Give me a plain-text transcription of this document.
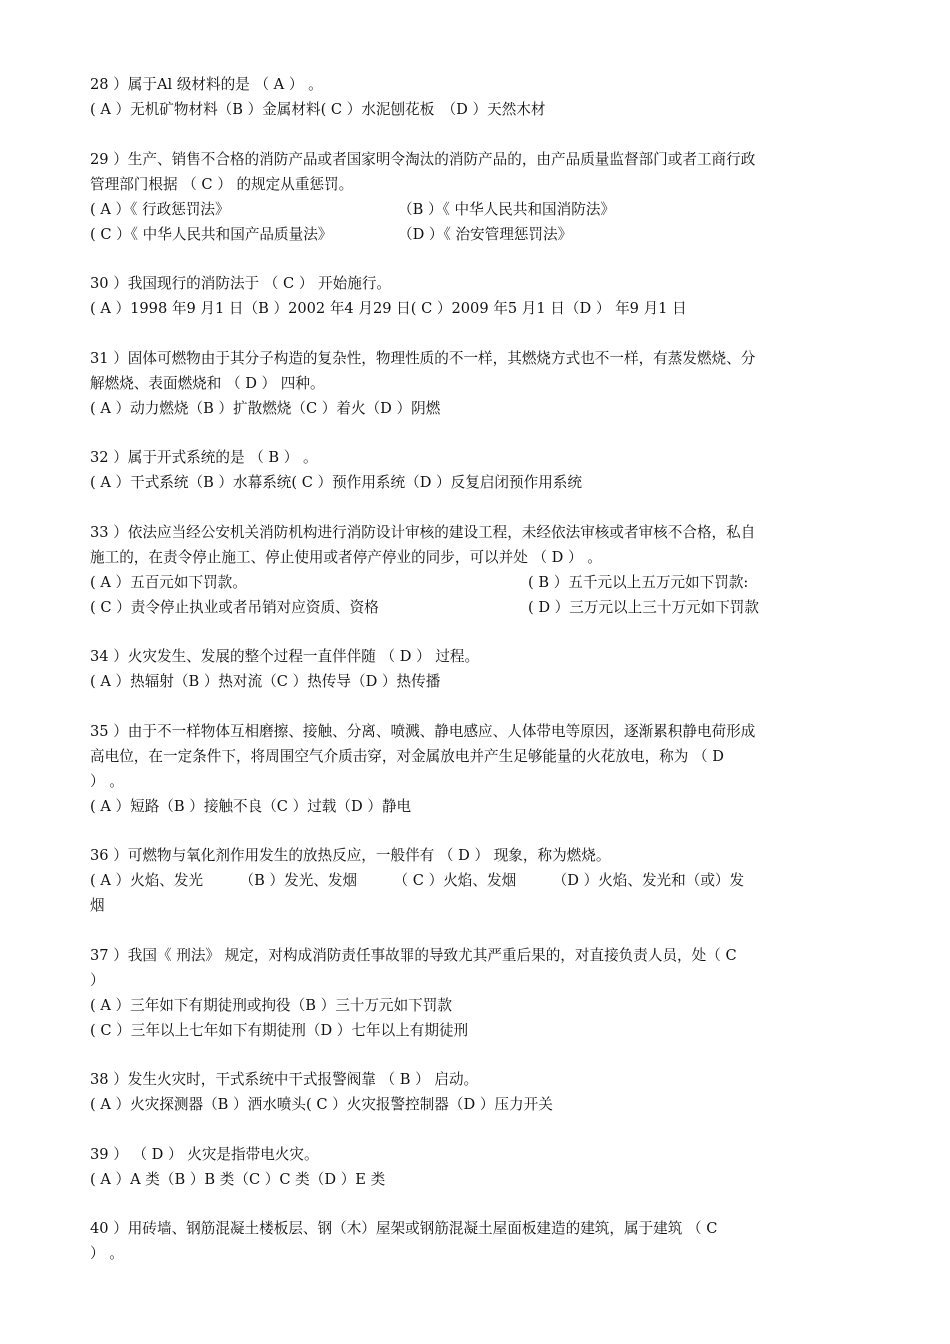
28 ）属于Al 级材料的是 （ A ） 。
( A ）无机矿物材料（B ）金属材料( C ）水泥刨花板　（D ）天然木材
29 ）生产、销售不合格的消防产品或者国家明令淘汰的消防产品的，由产品质量监督部门或者工商行政
管理部门根据 （ C ） 的规定从重惩罚。
( A ）《 行政惩罚法》	（B ）《 中华人民共和国消防法》
( C ）《 中华人民共和国产品质量法》	（D ）《 治安管理惩罚法》
30 ）我国现行的消防法于 （ C ） 开始施行。
( A ）1998 年9 月1 日（B ）2002 年4 月29 日( C ）2009 年5 月1 日（D ） 年9 月1 日
31 ）固体可燃物由于其分子构造的复杂性，物理性质的不一样，其燃烧方式也不一样，有蒸发燃烧、分
解燃烧、表面燃烧和 （ D ） 四种。
( A ）动力燃烧（B ）扩散燃烧（C ）着火（D ）阴燃
32 ）属于开式系统的是 （ B ） 。
( A ）干式系统（B ）水幕系统( C ）预作用系统（D ）反复启闭预作用系统
33 ）依法应当经公安机关消防机构进行消防设计审核的建设工程，未经依法审核或者审核不合格，私自
施工的，在责令停止施工、停止使用或者停产停业的同步，可以并处 （ D ） 。
( A ）五百元如下罚款。	( B ）五千元以上五万元如下罚款:
( C ）责令停止执业或者吊销对应资质、资格	( D ）三万元以上三十万元如下罚款
34 ）火灾发生、发展的整个过程一直伴伴随 （ D ） 过程。
( A ）热辐射（B ）热对流（C ）热传导（D ）热传播
35 ）由于不一样物体互相磨擦、接触、分离、喷溅、静电感应、人体带电等原因，逐渐累积静电荷形成
高电位，在一定条件下，将周围空气介质击穿，对金属放电并产生足够能量的火花放电，称为 （ D
） 。
( A ）短路（B ）接触不良（C ）过载（D ）静电
36 ）可燃物与氧化剂作用发生的放热反应，一般伴有 （ D ） 现象，称为燃烧。
( A ）火焰、发光　　　（B ）发光、发烟　　　（ C ）火焰、发烟　　　（D ）火焰、发光和（或）发
烟
37 ）我国《 刑法》 规定，对构成消防责任事故罪的导致尤其严重后果的，对直接负责人员，处（ C
）
( A ）三年如下有期徒刑或拘役（B ）三十万元如下罚款
( C ）三年以上七年如下有期徒刑（D ）七年以上有期徒刑
38 ）发生火灾时，干式系统中干式报警阀靠 （ B ） 启动。
( A ）火灾探测器（B ）洒水喷头( C ）火灾报警控制器（D ）压力开关
39 ） （ D ） 火灾是指带电火灾。
( A ）A 类（B ）B 类（C ）C 类（D ）E 类
40 ）用砖墙、钢筋混凝土楼板层、钢（木）屋架或钢筋混凝土屋面板建造的建筑，属于建筑 （ C
） 。
